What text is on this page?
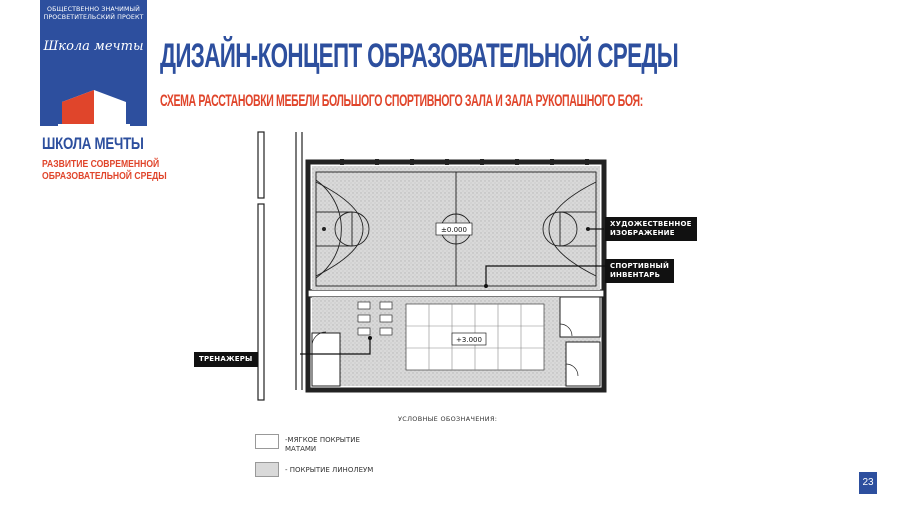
ОБЩЕСТВЕННО ЗНАЧИМЫЙ ПРОСВЕТИТЕЛЬСКИЙ ПРОЕКТ
Школа мечты
ШКОЛА МЕЧТЫ
РАЗВИТИЕ СОВРЕМЕННОЙ
ОБРАЗОВАТЕЛЬНОЙ СРЕДЫ
ДИЗАЙН-КОНЦЕПТ ОБРАЗОВАТЕЛЬНОЙ СРЕДЫ
СХЕМА РАССТАНОВКИ МЕБЕЛИ БОЛЬШОГО СПОРТИВНОГО ЗАЛА И ЗАЛА РУКОПАШНОГО БОЯ:
±0.000
+3.000
ХУДОЖЕСТВЕННОЕ
ИЗОБРАЖЕНИЕ
СПОРТИВНЫЙ
ИНВЕНТАРЬ
ТРЕНАЖЕРЫ
УСЛОВНЫЕ ОБОЗНАЧЕНИЯ:
-МЯГКОЕ ПОКРЫТИЕ
МАТАМИ
- ПОКРЫТИЕ ЛИНОЛЕУМ
23
